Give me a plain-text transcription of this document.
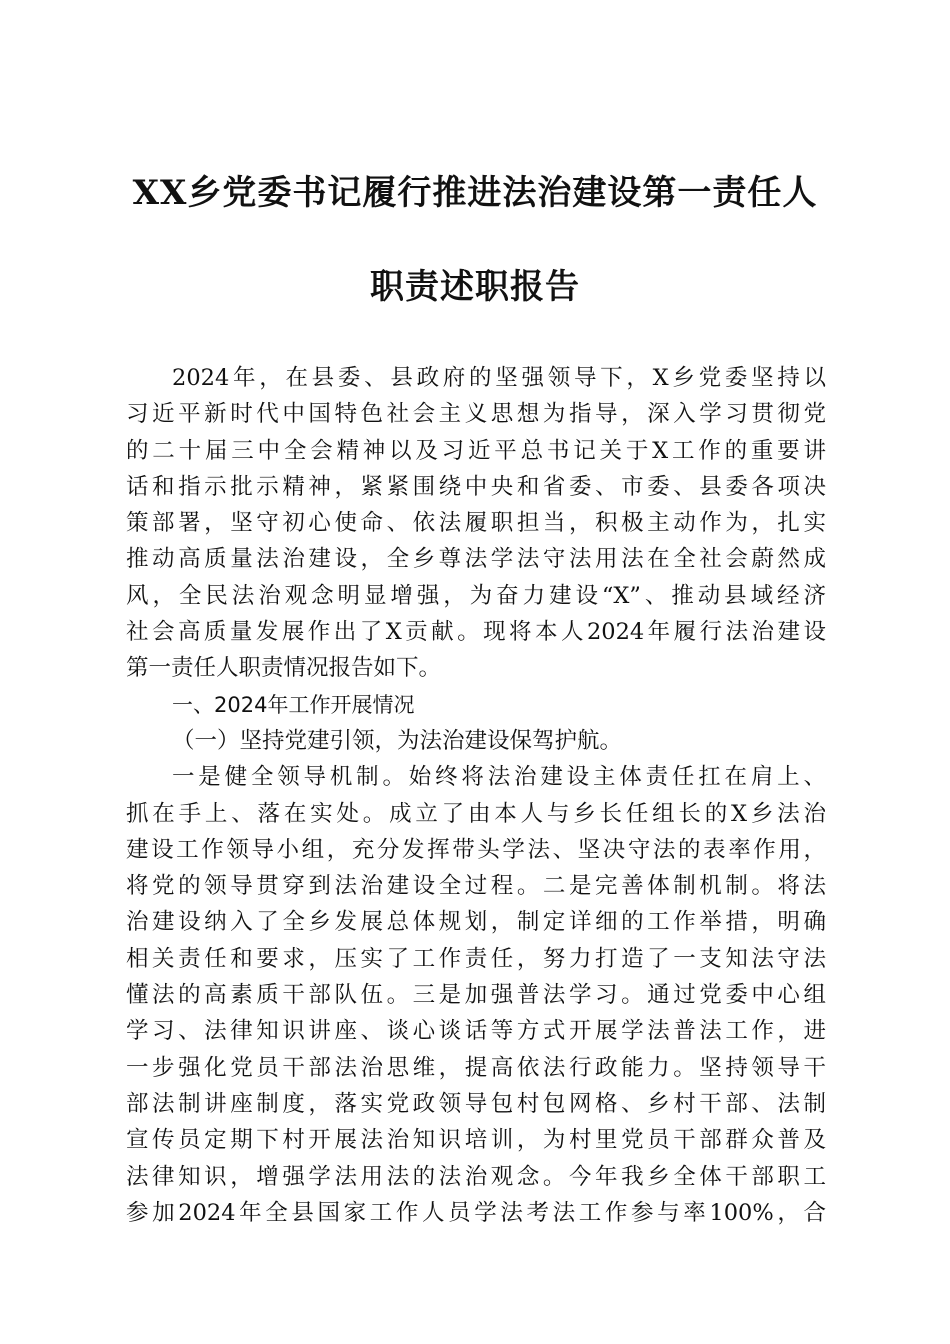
XX乡党委书记履行推进法治建设第一责任人
职责述职报告
2024年，在县委、县政府的坚强领导下，X乡党委坚持以
习近平新时代中国特色社会主义思想为指导，深入学习贯彻党
的二十届三中全会精神以及习近平总书记关于X工作的重要讲
话和指示批示精神，紧紧围绕中央和省委、市委、县委各项决
策部署，坚守初心使命、依法履职担当，积极主动作为，扎实
推动高质量法治建设，全乡尊法学法守法用法在全社会蔚然成
风，全民法治观念明显增强，为奋力建设“X”、推动县域经济
社会高质量发展作出了X贡献。现将本人2024年履行法治建设
第一责任人职责情况报告如下。
一、2024年工作开展情况
（一）坚持党建引领，为法治建设保驾护航。
一是健全领导机制。始终将法治建设主体责任扛在肩上、
抓在手上、落在实处。成立了由本人与乡长任组长的X乡法治
建设工作领导小组，充分发挥带头学法、坚决守法的表率作用，
将党的领导贯穿到法治建设全过程。二是完善体制机制。将法
治建设纳入了全乡发展总体规划，制定详细的工作举措，明确
相关责任和要求，压实了工作责任，努力打造了一支知法守法
懂法的高素质干部队伍。三是加强普法学习。通过党委中心组
学习、法律知识讲座、谈心谈话等方式开展学法普法工作，进
一步强化党员干部法治思维，提高依法行政能力。坚持领导干
部法制讲座制度，落实党政领导包村包网格、乡村干部、法制
宣传员定期下村开展法治知识培训，为村里党员干部群众普及
法律知识，增强学法用法的法治观念。今年我乡全体干部职工
参加2024年全县国家工作人员学法考法工作参与率100%，合
